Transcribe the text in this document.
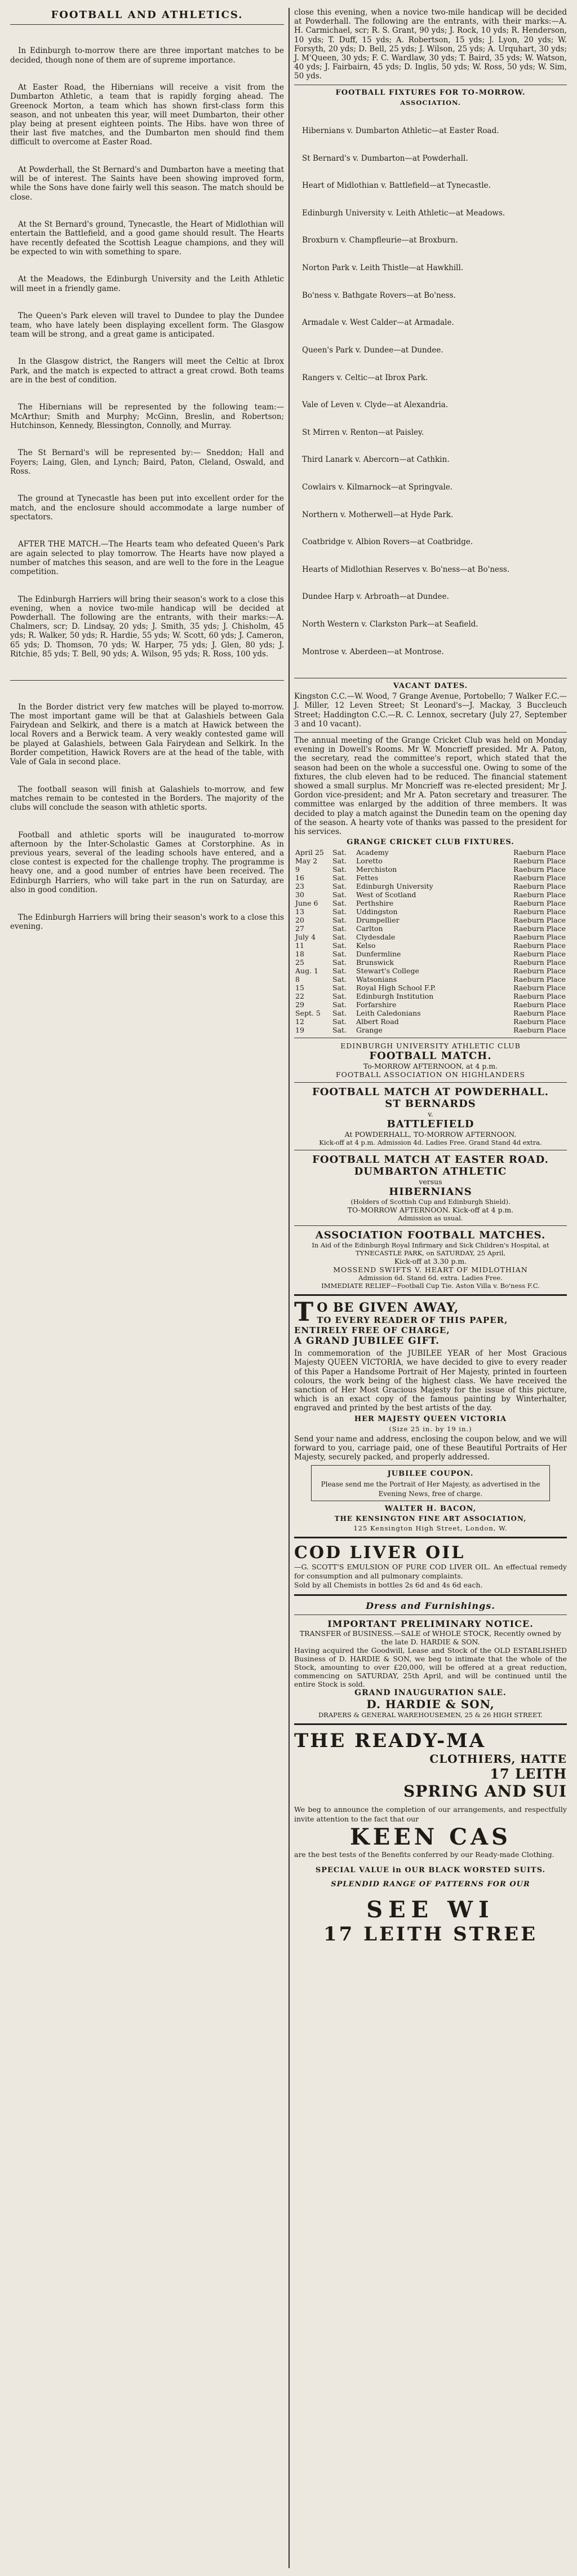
FOOTBALL AND ATHLETICS.

In Edinburgh to-morrow there are three important matches to be decided, though none of them are of supreme importance.

At Easter Road, the Hibernians will receive a visit from the Dumbarton Athletic, a team that is rapidly forging ahead. The Greenock Morton, a team which has shown first-class form this season, and not unbeaten this year, will meet Dumbarton, their other play being at present eighteen points. The Hibs. have won three of their last five matches, and the Dumbarton men should find them difficult to overcome at Easter Road.

At Powderhall, the St Bernard's and Dumbarton have a meeting that will be of interest. The Saints have been showing improved form, while the Sons have done fairly well this season. The match should be close.

At the St Bernard's ground, Tynecastle, the Heart of Midlothian will entertain the Battlefield, and a good game should result. The Hearts have recently defeated the Scottish League champions, and they will be expected to win with something to spare.

At the Meadows, the Edinburgh University and the Leith Athletic will meet in a friendly game.

The Queen's Park eleven will travel to Dundee to play the Dundee team, who have lately been displaying excellent form. The Glasgow team will be strong, and a great game is anticipated.

In the Glasgow district, the Rangers will meet the Celtic at Ibrox Park, and the match is expected to attract a great crowd. Both teams are in the best of condition.

The Hibernians will be represented by the following team:— McArthur; Smith and Murphy; McGinn, Breslin, and Robertson; Hutchinson, Kennedy, Blessington, Connolly, and Murray.

The St Bernard's will be represented by:— Sneddon; Hall and Foyers; Laing, Glen, and Lynch; Baird, Paton, Cleland, Oswald, and Ross.

The ground at Tynecastle has been put into excellent order for the match, and the enclosure should accommodate a large number of spectators.

AFTER THE MATCH.—The Hearts team who defeated Queen's Park are again selected to play tomorrow. The Hearts have now played a number of matches this season, and are well to the fore in the League competition.

The Edinburgh Harriers will bring their season's work to a close this evening, when a novice two-mile handicap will be decided at Powderhall. The following are the entrants, with their marks:—A. Chalmers, scr; D. Lindsay, 20 yds; J. Smith, 35 yds; J. Chisholm, 45 yds; R. Walker, 50 yds; R. Hardie, 55 yds; W. Scott, 60 yds; J. Cameron, 65 yds; D. Thomson, 70 yds; W. Harper, 75 yds; J. Glen, 80 yds; J. Ritchie, 85 yds; T. Bell, 90 yds; A. Wilson, 95 yds; R. Ross, 100 yds.

In the Border district very few matches will be played to-morrow. The most important game will be that at Galashiels between Gala Fairydean and Selkirk, and there is a match at Hawick between the local Rovers and a Berwick team. A very weakly contested game will be played at Galashiels, between Gala Fairydean and Selkirk. In the Border competition, Hawick Rovers are at the head of the table, with Vale of Gala in second place.

The football season will finish at Galashiels to-morrow, and few matches remain to be contested in the Borders. The majority of the clubs will conclude the season with athletic sports.

Football and athletic sports will be inaugurated to-morrow afternoon by the Inter-Scholastic Games at Corstorphine. As in previous years, several of the leading schools have entered, and a close contest is expected for the challenge trophy. The programme is heavy one, and a good number of entries have been received. The Edinburgh Harriers, who will take part in the run on Saturday, are also in good condition.

The Edinburgh Harriers will bring their season's work to a close this evening.

close this evening, when a novice two-mile handicap will be decided at Powderhall. The following are the entrants, with their marks:—A. H. Carmichael, scr; R. S. Grant, 90 yds; J. Rock, 10 yds; R. Henderson, 10 yds; T. Duff, 15 yds; A. Robertson, 15 yds; J. Lyon, 20 yds; W. Forsyth, 20 yds; D. Bell, 25 yds; J. Wilson, 25 yds; A. Urquhart, 30 yds; J. M'Queen, 30 yds; F. C. Wardlaw, 30 yds; T. Baird, 35 yds; W. Watson, 40 yds; J. Fairbairn, 45 yds; D. Inglis, 50 yds; W. Ross, 50 yds; W. Sim, 50 yds.
FOOTBALL FIXTURES FOR TO-MORROW.
ASSOCIATION.

Hibernians v. Dumbarton Athletic—at Easter Road.

St Bernard's v. Dumbarton—at Powderhall.

Heart of Midlothian v. Battlefield—at Tynecastle.

Edinburgh University v. Leith Athletic—at Meadows.

Broxburn v. Champfleurie—at Broxburn.

Norton Park v. Leith Thistle—at Hawkhill.

Bo'ness v. Bathgate Rovers—at Bo'ness.

Armadale v. West Calder—at Armadale.

Queen's Park v. Dundee—at Dundee.

Rangers v. Celtic—at Ibrox Park.

Vale of Leven v. Clyde—at Alexandria.

St Mirren v. Renton—at Paisley.

Third Lanark v. Abercorn—at Cathkin.

Cowlairs v. Kilmarnock—at Springvale.

Northern v. Motherwell—at Hyde Park.

Coatbridge v. Albion Rovers—at Coatbridge.

Hearts of Midlothian Reserves v. Bo'ness—at Bo'ness.

Dundee Harp v. Arbroath—at Dundee.

North Western v. Clarkston Park—at Seafield.

Montrose v. Aberdeen—at Montrose.

VACANT DATES.
Kingston C.C.—W. Wood, 7 Grange Avenue, Portobello; 7 Walker F.C.—J. Miller, 12 Leven Street; St Leonard's—J. Mackay, 3 Buccleuch Street; Haddington C.C.—R. C. Lennox, secretary (July 27, September 3 and 10 vacant).
The annual meeting of the Grange Cricket Club was held on Monday evening in Dowell's Rooms. Mr W. Moncrieff presided. Mr A. Paton, the secretary, read the committee's report, which stated that the season had been on the whole a successful one. Owing to some of the fixtures, the club eleven had to be reduced. The financial statement showed a small surplus. Mr Moncrieff was re-elected president; Mr J. Gordon vice-president; and Mr A. Paton secretary and treasurer. The committee was enlarged by the addition of three members. It was decided to play a match against the Dunedin team on the opening day of the season. A hearty vote of thanks was passed to the president for his services.
GRANGE CRICKET CLUB FIXTURES.
April 25	Sat.	Academy	Raeburn Place
May 2	Sat.	Loretto	Raeburn Place
9	Sat.	Merchiston	Raeburn Place
16	Sat.	Fettes	Raeburn Place
23	Sat.	Edinburgh University	Raeburn Place
30	Sat.	West of Scotland	Raeburn Place
June 6	Sat.	Perthshire	Raeburn Place
13	Sat.	Uddingston	Raeburn Place
20	Sat.	Drumpellier	Raeburn Place
27	Sat.	Carlton	Raeburn Place
July 4	Sat.	Clydesdale	Raeburn Place
11	Sat.	Kelso	Raeburn Place
18	Sat.	Dunfermline	Raeburn Place
25	Sat.	Brunswick	Raeburn Place
Aug. 1	Sat.	Stewart's College	Raeburn Place
8	Sat.	Watsonians	Raeburn Place
15	Sat.	Royal High School F.P.	Raeburn Place
22	Sat.	Edinburgh Institution	Raeburn Place
29	Sat.	Forfarshire	Raeburn Place
Sept. 5	Sat.	Leith Caledonians	Raeburn Place
12	Sat.	Albert Road	Raeburn Place
19	Sat.	Grange	Raeburn Place
EDINBURGH UNIVERSITY ATHLETIC CLUB
FOOTBALL MATCH.
To-MORROW AFTERNOON, at 4 p.m.
FOOTBALL ASSOCIATION ON HIGHLANDERS
FOOTBALL MATCH AT POWDERHALL.
ST BERNARDS
v.
BATTLEFIELD
At POWDERHALL, TO-MORROW AFTERNOON.
Kick-off at 4 p.m. Admission 4d. Ladies Free. Grand Stand 4d extra.
FOOTBALL MATCH AT EASTER ROAD.
DUMBARTON ATHLETIC
versus
HIBERNIANS
(Holders of Scottish Cup and Edinburgh Shield).
TO-MORROW AFTERNOON. Kick-off at 4 p.m.
Admission as usual.
ASSOCIATION FOOTBALL MATCHES.
In Aid of the Edinburgh Royal Infirmary and Sick Children's Hospital, at TYNECASTLE PARK, on SATURDAY, 25 April,
Kick-off at 3.30 p.m.
MOSSEND SWIFTS V. HEART OF MIDLOTHIAN
Admission 6d. Stand 6d. extra. Ladies Free.
IMMEDIATE RELIEF—Football Cup Tie. Aston Villa v. Bo'ness F.C.
T O BE GIVEN AWAY,
TO EVERY READER OF THIS PAPER,
ENTIRELY FREE OF CHARGE,
A GRAND JUBILEE GIFT.
In commemoration of the JUBILEE YEAR of her Most Gracious Majesty QUEEN VICTORIA, we have decided to give to every reader of this Paper a Handsome Portrait of Her Majesty, printed in fourteen colours, the work being of the highest class. We have received the sanction of Her Most Gracious Majesty for the issue of this picture, which is an exact copy of the famous painting by Winterhalter, engraved and printed by the best artists of the day.
HER MAJESTY QUEEN VICTORIA
(Size 25 in. by 19 in.)
Send your name and address, enclosing the coupon below, and we will forward to you, carriage paid, one of these Beautiful Portraits of Her Majesty, securely packed, and properly addressed.
JUBILEE COUPON.
Please send me the Portrait of Her Majesty, as advertised in the Evening News, free of charge.
WALTER H. BACON,
THE KENSINGTON FINE ART ASSOCIATION,
125 Kensington High Street, London, W.
COD LIVER OIL
—G. SCOTT'S EMULSION OF PURE COD LIVER OIL. An effectual remedy for consumption and all pulmonary complaints.
Sold by all Chemists in bottles 2s 6d and 4s 6d each.
Dress and Furnishings.
IMPORTANT PRELIMINARY NOTICE.
TRANSFER of BUSINESS.—SALE of WHOLE STOCK, Recently owned by the late D. HARDIE & SON.
Having acquired the Goodwill, Lease and Stock of the OLD ESTABLISHED Business of D. HARDIE & SON, we beg to intimate that the whole of the Stock, amounting to over £20,000, will be offered at a great reduction, commencing on SATURDAY, 25th April, and will be continued until the entire Stock is sold.
GRAND INAUGURATION SALE.
D. HARDIE & SON,
DRAPERS & GENERAL WAREHOUSEMEN, 25 & 26 HIGH STREET.
THE READY-MA
CLOTHIERS, HATTE
17 LEITH
SPRING AND SUI
We beg to announce the completion of our arrangements, and respectfully invite attention to the fact that our
KEEN CAS
are the best tests of the Benefits conferred by our Ready-made Clothing.
SPECIAL VALUE in OUR BLACK WORSTED SUITS.
SPLENDID RANGE OF PATTERNS FOR OUR
SEE WI
17 LEITH STREE
